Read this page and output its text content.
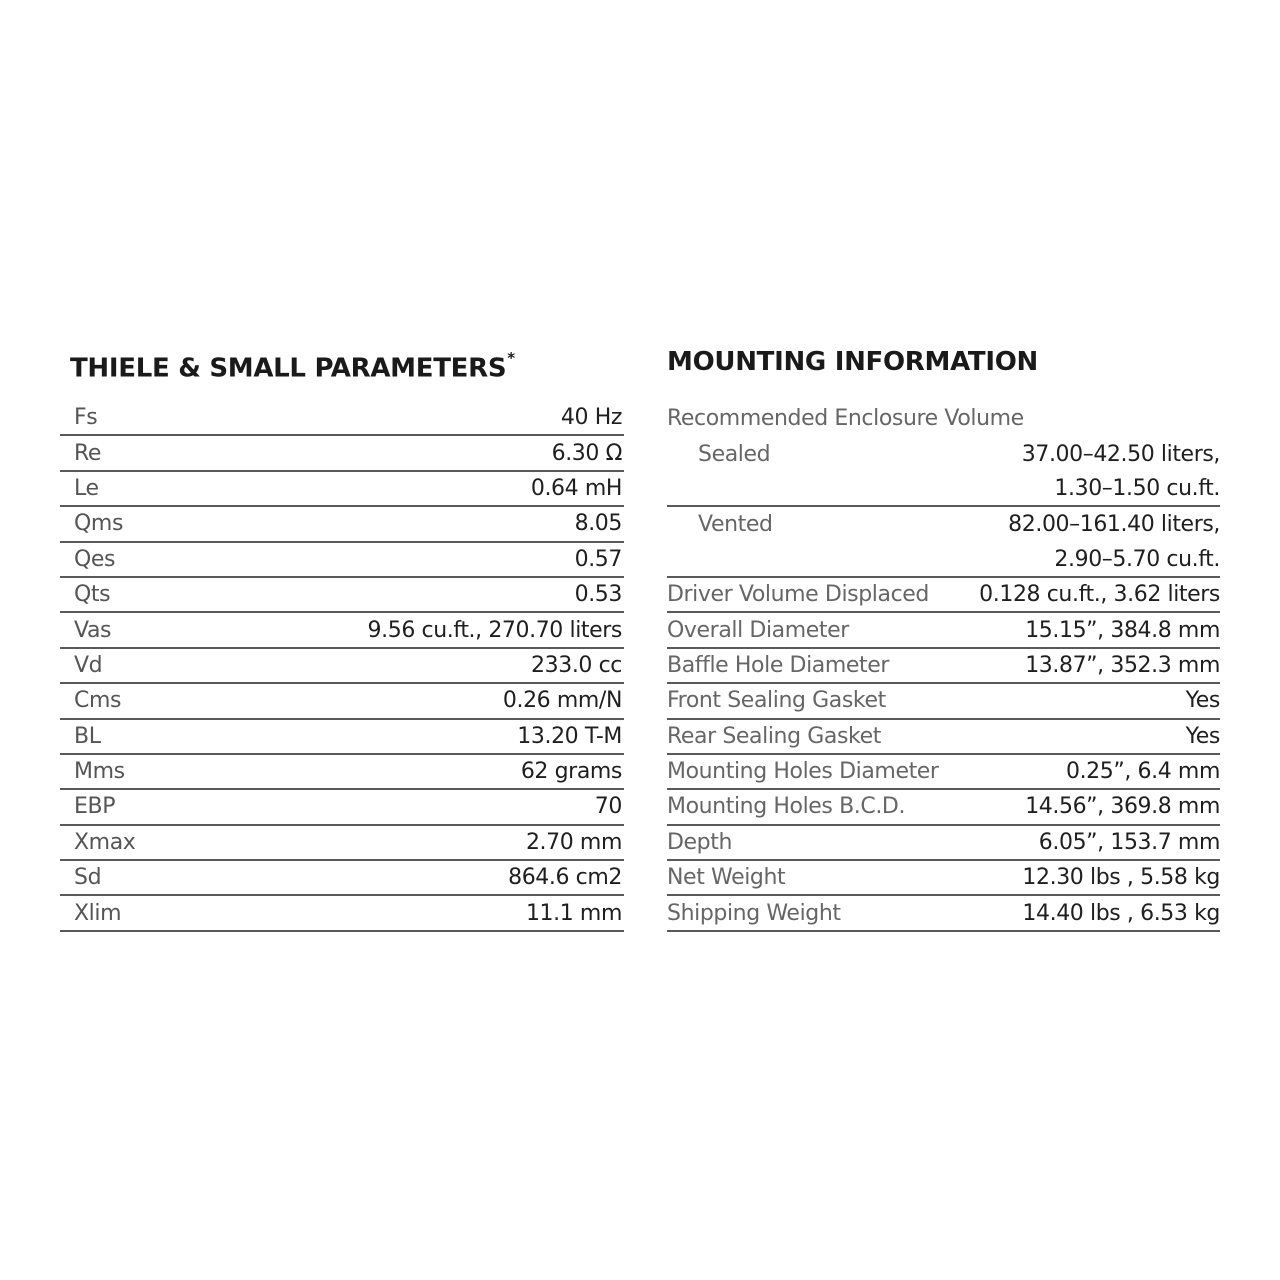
THIELE & SMALL PARAMETERS*
Fs	40 Hz
Re	6.30 Ω
Le	0.64 mH
Qms	8.05
Qes	0.57
Qts	0.53
Vas	9.56 cu.ft., 270.70 liters
Vd	233.0 cc
Cms	0.26 mm/N
BL	13.20 T-M
Mms	62 grams
EBP	70
Xmax	2.70 mm
Sd	864.6 cm2
Xlim	11.1 mm
MOUNTING INFORMATION
Recommended Enclosure Volume
Sealed	37.00–42.50 liters,
1.30–1.50 cu.ft.
Vented	82.00–161.40 liters,
2.90–5.70 cu.ft.
Driver Volume Displaced 0.128 cu.ft., 3.62 liters
Overall Diameter	15.15”, 384.8 mm
Baffle Hole Diameter	13.87”, 352.3 mm
Front Sealing Gasket	Yes
Rear Sealing Gasket	Yes
Mounting Holes Diameter	0.25”, 6.4 mm
Mounting Holes B.C.D.	14.56”, 369.8 mm
Depth	6.05”, 153.7 mm
Net Weight	12.30 lbs , 5.58 kg
Shipping Weight	14.40 lbs , 6.53 kg
